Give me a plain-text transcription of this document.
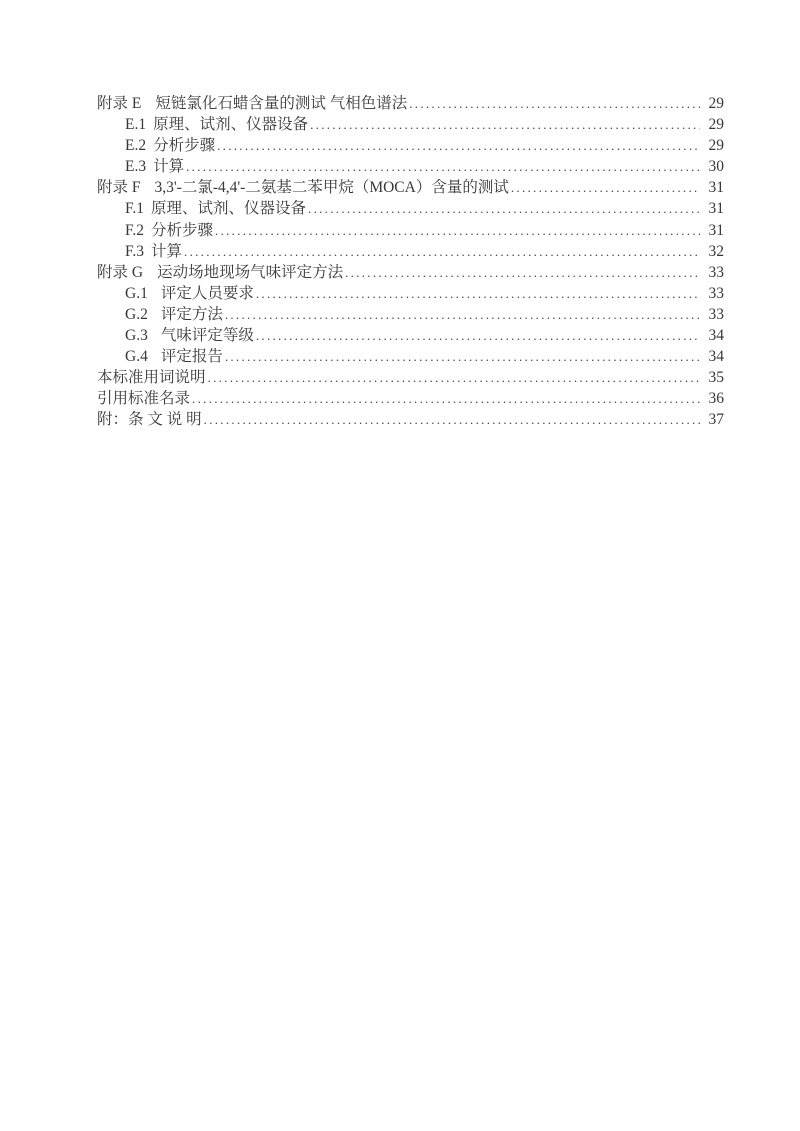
附录 E 短链氯化石蜡含量的测试 气相色谱法 .....	29
E.1 原理、试剂、仪器设备 .....	29
E.2 分析步骤 .....	29
E.3 计算 .....	30
附录 F 3,3'-二氯-4,4'-二氨基二苯甲烷（MOCA）含量的测试 .....	31
F.1 原理、试剂、仪器设备 .....	31
F.2 分析步骤 .....	31
F.3 计算 .....	32
附录 G 运动场地现场气味评定方法 .....	33
G.1 评定人员要求 .....	33
G.2 评定方法 .....	33
G.3 气味评定等级 .....	34
G.4 评定报告 .....	34
本标准用词说明 .....	35
引用标准名录 .....	36
附：条 文 说 明 .....	37
